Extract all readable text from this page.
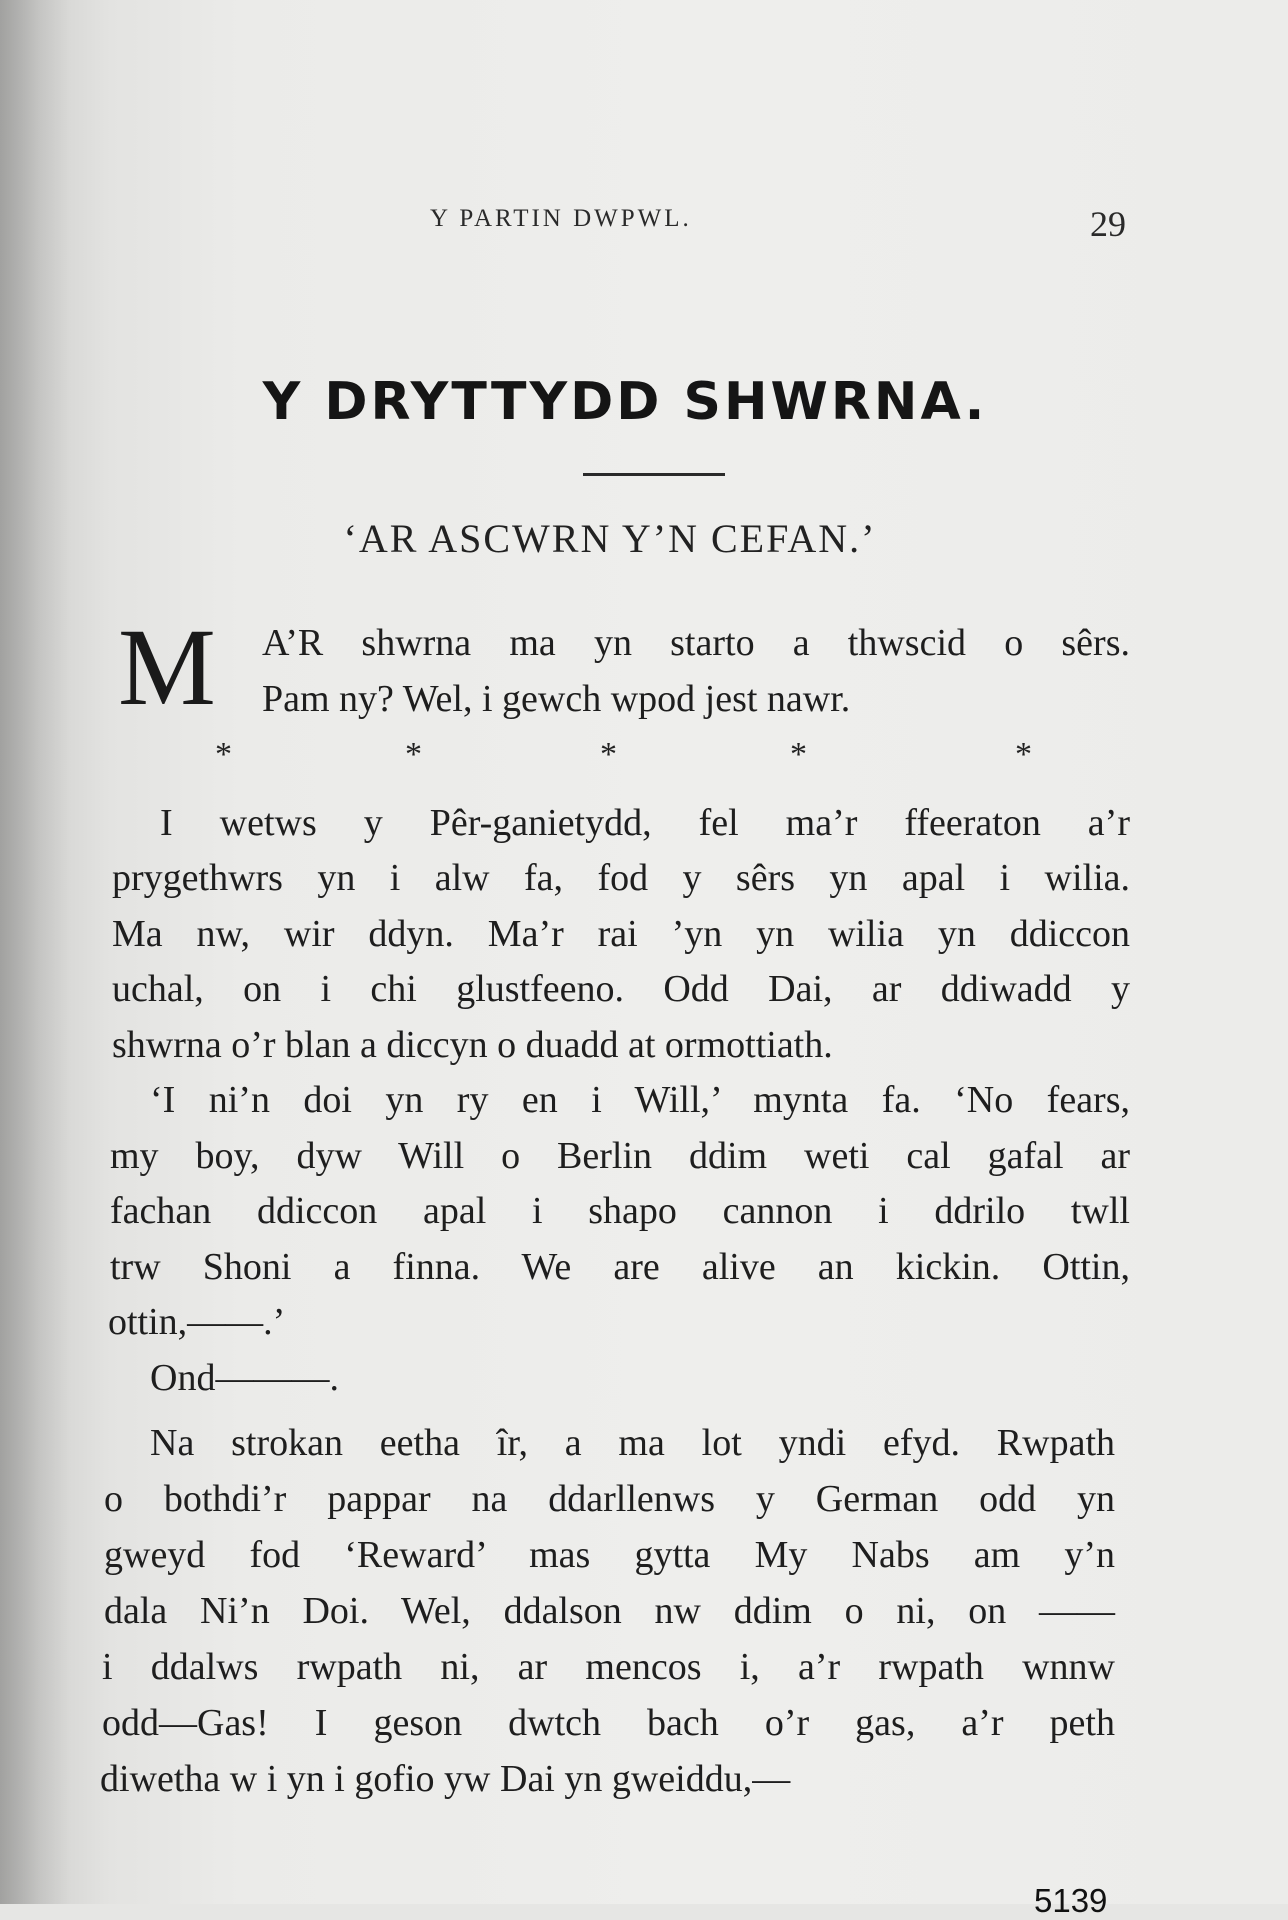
Y PARTIN DWPWL.	29
Y DRYTTYDD SHWRNA.
‘AR ASCWRN Y’N CEFAN.’
M A’R shwrna ma yn starto a thwscid o sêrs.
Pam ny? Wel, i gewch wpod jest nawr.
*	*	*	*	*
I wetws y Pêr-ganietydd, fel ma’r ffeeraton a’r
prygethwrs yn i alw fa, fod y sêrs yn apal i wilia.
Ma nw, wir ddyn. Ma’r rai ’yn yn wilia yn ddiccon
uchal, on i chi glustfeeno. Odd Dai, ar ddiwadd y
shwrna o’r blan a diccyn o duadd at ormottiath.
‘I ni’n doi yn ry en i Will,’ mynta fa. ‘No fears,
my boy, dyw Will o Berlin ddim weti cal gafal ar
fachan ddiccon apal i shapo cannon i ddrilo twll
trw Shoni a finna. We are alive an kickin. Ottin,
ottin,——.’
Ond———.
Na strokan eetha îr, a ma lot yndi efyd. Rwpath
o bothdi’r pappar na ddarllenws y German odd yn
gweyd fod ‘Reward’ mas gytta My Nabs am y’n
dala Ni’n Doi. Wel, ddalson nw ddim o ni, on ——
i ddalws rwpath ni, ar mencos i, a’r rwpath wnnw
odd—Gas! I geson dwtch bach o’r gas, a’r peth
diwetha w i yn i gofio yw Dai yn gweiddu,—
5139
